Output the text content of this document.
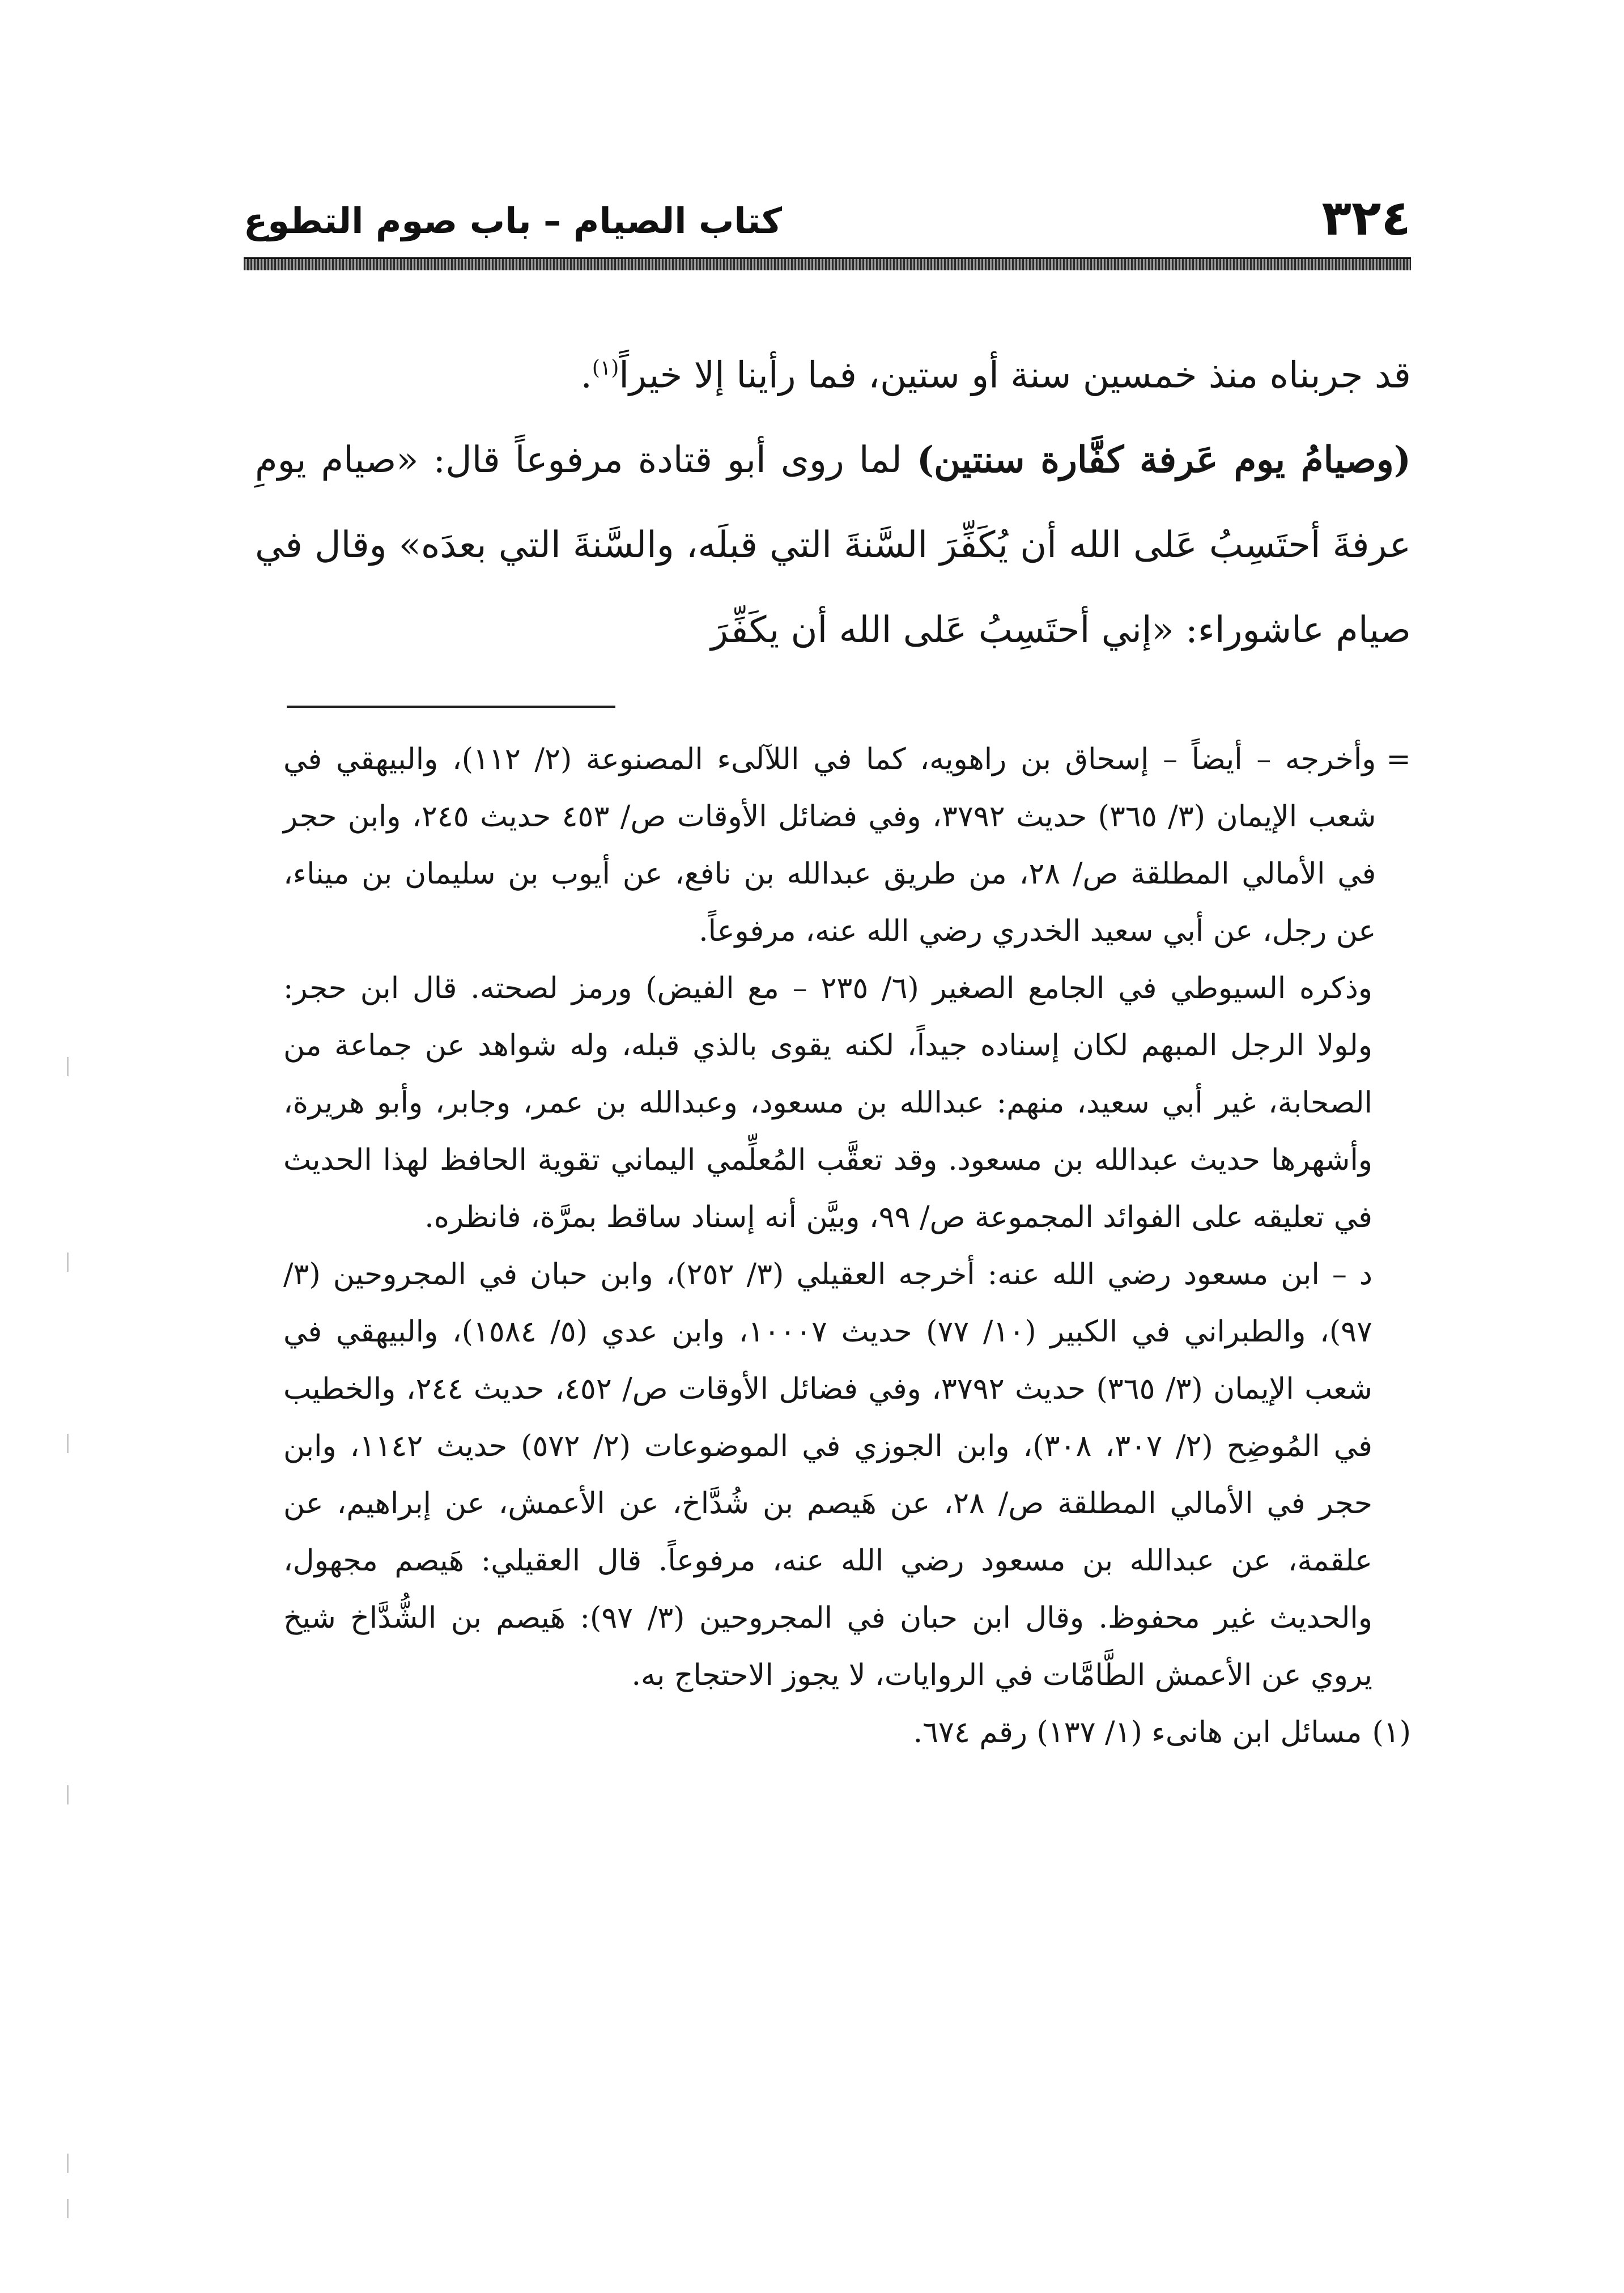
٣٢٤
كتاب الصيام – باب صوم التطوع

قد جربناه منذ خمسين سنة أو ستين، فما رأينا إلا خيراً$^{(١)}$.

(وصيامُ يوم عَرفة كفَّارة سنتين) لما روى أبو قتادة مرفوعاً قال: «صيام يومِ عرفةَ أحتَسِبُ عَلى الله أن يُكَفِّرَ السَّنةَ التي قبلَه، والسَّنةَ التي بعدَه» وقال في صيام عاشوراء: «إني أحتَسِبُ عَلى الله أن يكَفِّرَ

=

وأخرجه – أيضاً – إسحاق بن راهويه، كما في اللآلىء المصنوعة (٢/ ١١٢)، والبيهقي في شعب الإيمان (٣/ ٣٦٥) حديث ٣٧٩٢، وفي فضائل الأوقات ص/ ٤٥٣ حديث ٢٤٥، وابن حجر في الأمالي المطلقة ص/ ٢٨، من طريق عبدالله بن نافع، عن أيوب بن سليمان بن ميناء، عن رجل، عن أبي سعيد الخدري رضي الله عنه، مرفوعاً.

وذكره السيوطي في الجامع الصغير (٦/ ٢٣٥ – مع الفيض) ورمز لصحته. قال ابن حجر: ولولا الرجل المبهم لكان إسناده جيداً، لكنه يقوى بالذي قبله، وله شواهد عن جماعة من الصحابة، غير أبي سعيد، منهم: عبدالله بن مسعود، وعبدالله بن عمر، وجابر، وأبو هريرة، وأشهرها حديث عبدالله بن مسعود. وقد تعقَّب المُعلِّمي اليماني تقوية الحافظ لهذا الحديث في تعليقه على الفوائد المجموعة ص/ ٩٩، وبيَّن أنه إسناد ساقط بمرَّة، فانظره.

د – ابن مسعود رضي الله عنه: أخرجه العقيلي (٣/ ٢٥٢)، وابن حبان في المجروحين (٣/ ٩٧)، والطبراني في الكبير (١٠/ ٧٧) حديث ١٠٠٠٧، وابن عدي (٥/ ١٥٨٤)، والبيهقي في شعب الإيمان (٣/ ٣٦٥) حديث ٣٧٩٢، وفي فضائل الأوقات ص/ ٤٥٢، حديث ٢٤٤، والخطيب في المُوضِح (٢/ ٣٠٧، ٣٠٨)، وابن الجوزي في الموضوعات (٢/ ٥٧٢) حديث ١١٤٢، وابن حجر في الأمالي المطلقة ص/ ٢٨، عن هَيصم بن شُدَّاخ، عن الأعمش، عن إبراهيم، عن علقمة، عن عبدالله بن مسعود رضي الله عنه، مرفوعاً. قال العقيلي: هَيصم مجهول، والحديث غير محفوظ. وقال ابن حبان في المجروحين (٣/ ٩٧): هَيصم بن الشُّدَّاخ شيخ يروي عن الأعمش الطَّامَّات في الروايات، لا يجوز الاحتجاج به.

(١)

مسائل ابن هانىء (١/ ١٣٧) رقم ٦٧٤.
